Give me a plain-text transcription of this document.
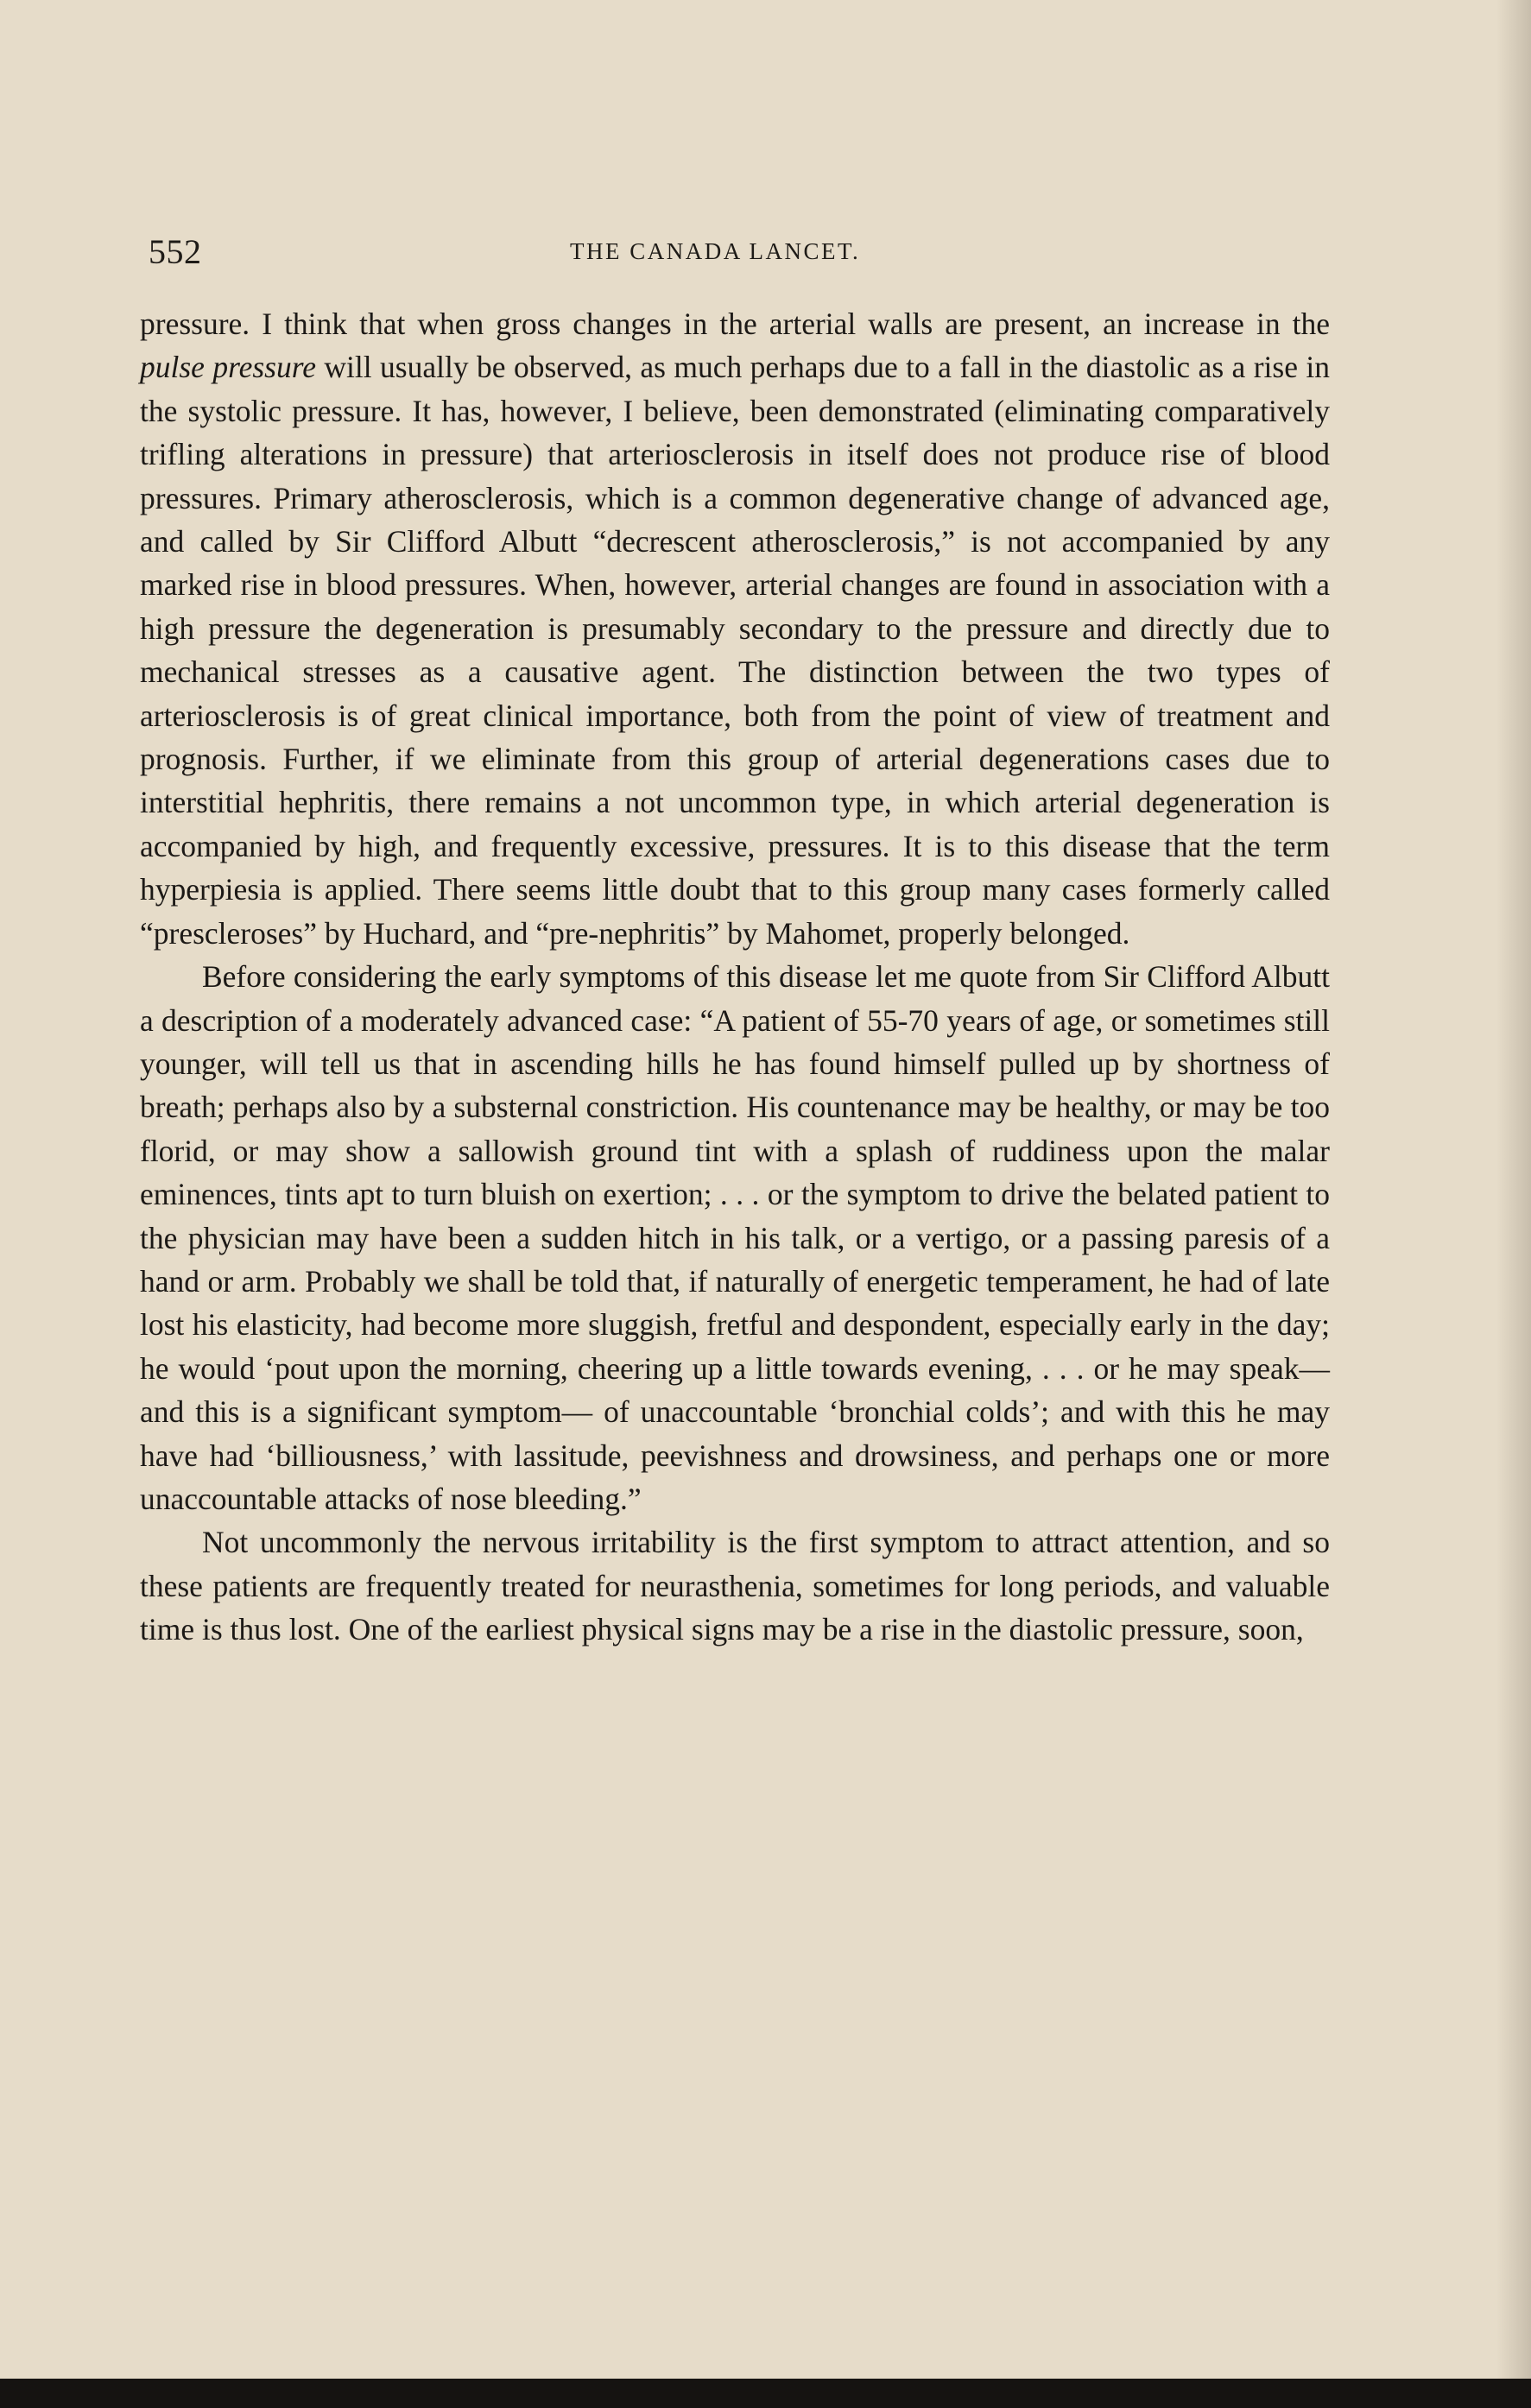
552	THE CANADA LANCET.

pressure. I think that when gross changes in the arterial walls are present, an increase in the pulse pressure will usually be observed, as much perhaps due to a fall in the diastolic as a rise in the systolic pressure. It has, however, I believe, been demonstrated (eliminating comparatively trifling alterations in pressure) that arteriosclerosis in itself does not produce rise of blood pressures. Primary atherosclerosis, which is a common degenerative change of advanced age, and called by Sir Clifford Albutt “decrescent atherosclerosis,” is not accompanied by any marked rise in blood pressures. When, however, arterial changes are found in association with a high pressure the degeneration is presumably secondary to the pressure and directly due to mechanical stresses as a causative agent. The distinction between the two types of arteriosclerosis is of great clinical importance, both from the point of view of treatment and prognosis. Further, if we eliminate from this group of arterial degenerations cases due to interstitial hephritis, there remains a not uncommon type, in which arterial degeneration is accompanied by high, and frequently excessive, pressures. It is to this disease that the term hyperpiesia is applied. There seems little doubt that to this group many cases formerly called “prescleroses” by Huchard, and “pre-nephritis” by Mahomet, properly belonged.

Before considering the early symptoms of this disease let me quote from Sir Clifford Albutt a description of a moderately advanced case: “A patient of 55-70 years of age, or sometimes still younger, will tell us that in ascending hills he has found himself pulled up by shortness of breath; perhaps also by a substernal constriction. His countenance may be healthy, or may be too florid, or may show a sallowish ground tint with a splash of ruddiness upon the malar eminences, tints apt to turn bluish on exertion; . . . or the symptom to drive the belated patient to the physician may have been a sudden hitch in his talk, or a vertigo, or a passing paresis of a hand or arm. Probably we shall be told that, if naturally of energetic temperament, he had of late lost his elasticity, had become more sluggish, fretful and despondent, especially early in the day; he would ‘pout upon the morning, cheering up a little towards evening, . . . or he may speak—and this is a significant symptom— of unaccountable ‘bronchial colds’; and with this he may have had ‘billiousness,’ with lassitude, peevishness and drowsiness, and perhaps one or more unaccountable attacks of nose bleeding.”

Not uncommonly the nervous irritability is the first symptom to attract attention, and so these patients are frequently treated for neurasthenia, sometimes for long periods, and valuable time is thus lost. One of the earliest physical signs may be a rise in the diastolic pressure, soon,
